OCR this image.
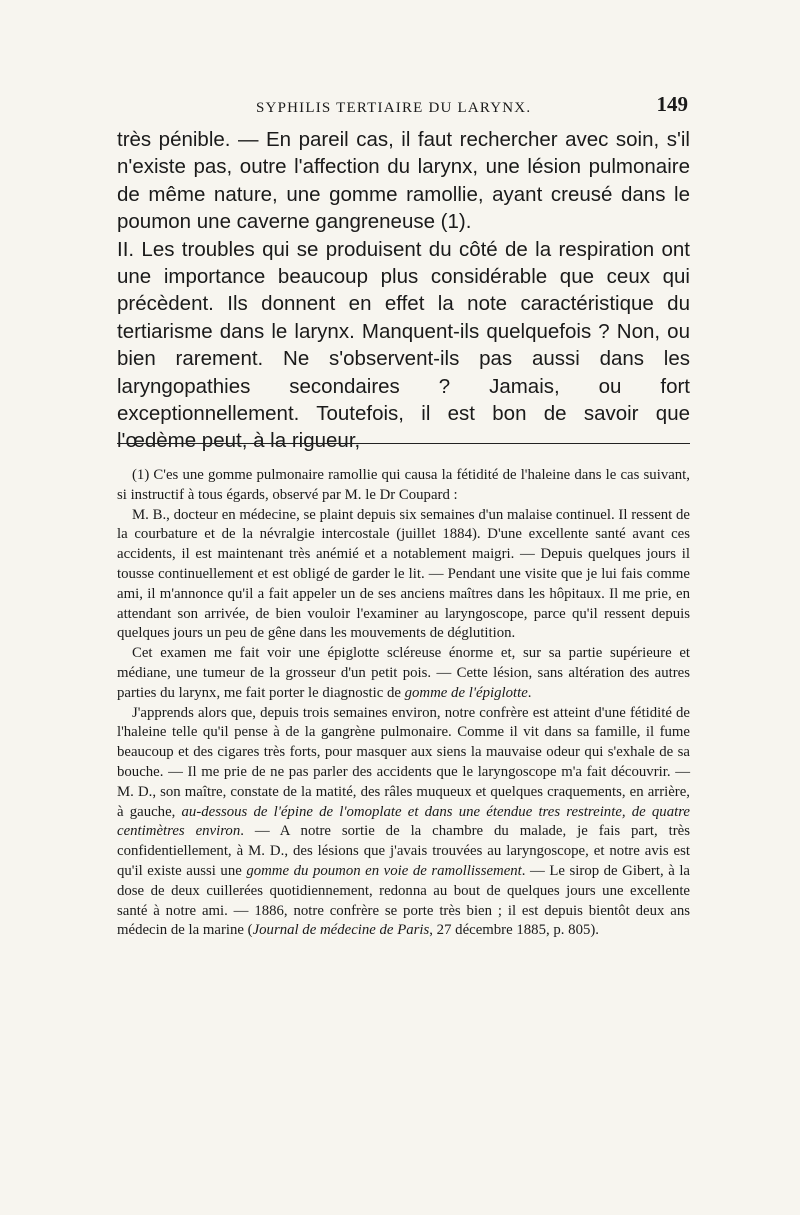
SYPHILIS TERTIAIRE DU LARYNX.	149

très pénible. — En pareil cas, il faut rechercher avec soin, s'il n'existe pas, outre l'affection du larynx, une lésion pulmonaire de même nature, une gomme ramollie, ayant creusé dans le poumon une caverne gangreneuse (1).

II. Les troubles qui se produisent du côté de la respiration ont une importance beaucoup plus considérable que ceux qui précèdent. Ils donnent en effet la note caractéristique du tertiarisme dans le larynx. Manquent-ils quelquefois ? Non, ou bien rarement. Ne s'observent-ils pas aussi dans les laryngopathies secondaires ? Jamais, ou fort exceptionnellement. Toutefois, il est bon de savoir que l'œdème peut, à la rigueur,

(1) C'es une gomme pulmonaire ramollie qui causa la fétidité de l'haleine dans le cas suivant, si instructif à tous égards, observé par M. le Dr Coupard :

M. B., docteur en médecine, se plaint depuis six semaines d'un malaise continuel. Il ressent de la courbature et de la névralgie intercostale (juillet 1884). D'une excellente santé avant ces accidents, il est maintenant très anémié et a notablement maigri. — Depuis quelques jours il tousse continuellement et est obligé de garder le lit. — Pendant une visite que je lui fais comme ami, il m'annonce qu'il a fait appeler un de ses anciens maîtres dans les hôpitaux. Il me prie, en attendant son arrivée, de bien vouloir l'examiner au laryngoscope, parce qu'il ressent depuis quelques jours un peu de gêne dans les mouvements de déglutition.

Cet examen me fait voir une épiglotte scléreuse énorme et, sur sa partie supérieure et médiane, une tumeur de la grosseur d'un petit pois. — Cette lésion, sans altération des autres parties du larynx, me fait porter le diagnostic de gomme de l'épiglotte.

J'apprends alors que, depuis trois semaines environ, notre confrère est atteint d'une fétidité de l'haleine telle qu'il pense à de la gangrène pulmonaire. Comme il vit dans sa famille, il fume beaucoup et des cigares très forts, pour masquer aux siens la mauvaise odeur qui s'exhale de sa bouche. — Il me prie de ne pas parler des accidents que le laryngoscope m'a fait découvrir. — M. D., son maître, constate de la matité, des râles muqueux et quelques craquements, en arrière, à gauche, au-dessous de l'épine de l'omoplate et dans une étendue tres restreinte, de quatre centimètres environ. — A notre sortie de la chambre du malade, je fais part, très confidentiellement, à M. D., des lésions que j'avais trouvées au laryngoscope, et notre avis est qu'il existe aussi une gomme du poumon en voie de ramollissement. — Le sirop de Gibert, à la dose de deux cuillerées quotidiennement, redonna au bout de quelques jours une excellente santé à notre ami. — 1886, notre confrère se porte très bien ; il est depuis bientôt deux ans médecin de la marine (Journal de médecine de Paris, 27 décembre 1885, p. 805).
